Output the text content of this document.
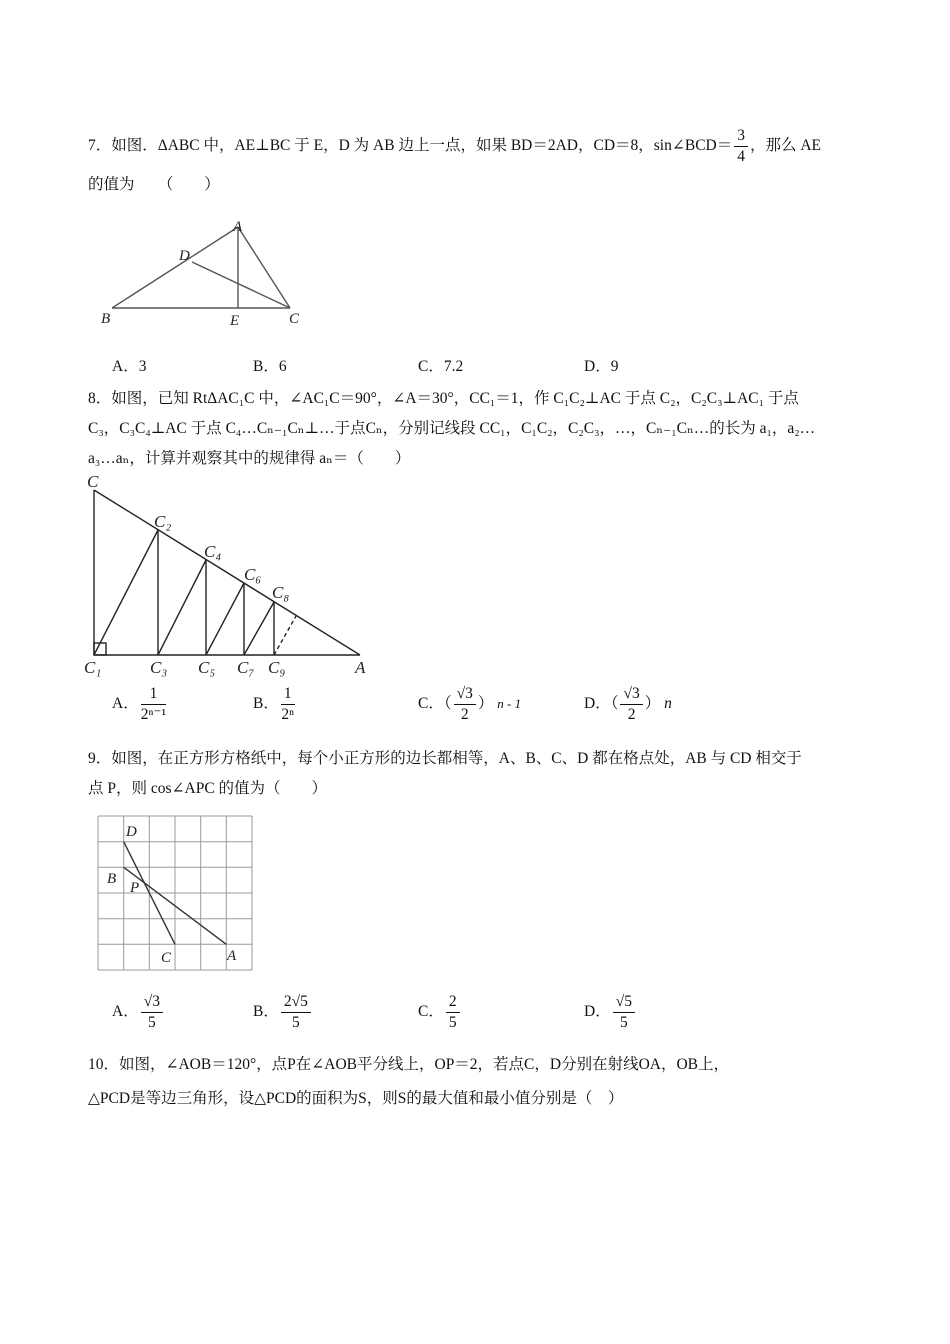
7．如图．ΔABC 中，AE⊥BC 于 E，D 为 AB 边上一点，如果 BD＝2AD，CD＝8，sin∠BCD＝ $\frac{3}{4}$ ，那么 AE
的值为　　（　　）
A
B	C
D
E
A．3	B．6	C．7.2	D．9
8．如图，已知 RtΔAC₁C 中，∠AC₁C＝90°，∠A＝30°，CC₁＝1，作 C₁C₂⊥AC 于点 C₂，C₂C₃⊥AC₁ 于点
C₃，C₃C₄⊥AC 于点 C₄…Cₙ₋₁Cₙ⊥…于点Cₙ，分别记线段 CC₁，C₁C₂，C₂C₃，…，Cₙ₋₁Cₙ…的长为 a₁，a₂…
a₃…aₙ，计算并观察其中的规律得 aₙ＝（　　）
C
C₂
C₄
C₆
C₈
C₁	C₃ C₅ C₇ C₉	A
A． $\frac{1}{\text{2ⁿ⁻¹}}$	B． $\frac{1}{\text{2ⁿ}}$	C．（ $\frac{√3}{2}$ ） n - 1	D．（ $\frac{√3}{2}$ ） n
9．如图，在正方形方格纸中，每个小正方形的边长都相等，A、B、C、D 都在格点处，AB 与 CD 相交于
点 P，则 cos∠APC 的值为（　　）
D
B
P
C	A
A． $\frac{√3}{5}$	B． $\frac{2√5}{5}$	C． $\frac{2}{5}$	D． $\frac{√5}{5}$
10．如图，∠AOB＝120°，点P在∠AOB平分线上，OP＝2，若点C，D分别在射线OA，OB上，
△PCD是等边三角形，设△PCD的面积为S，则S的最大值和最小值分别是（　）
